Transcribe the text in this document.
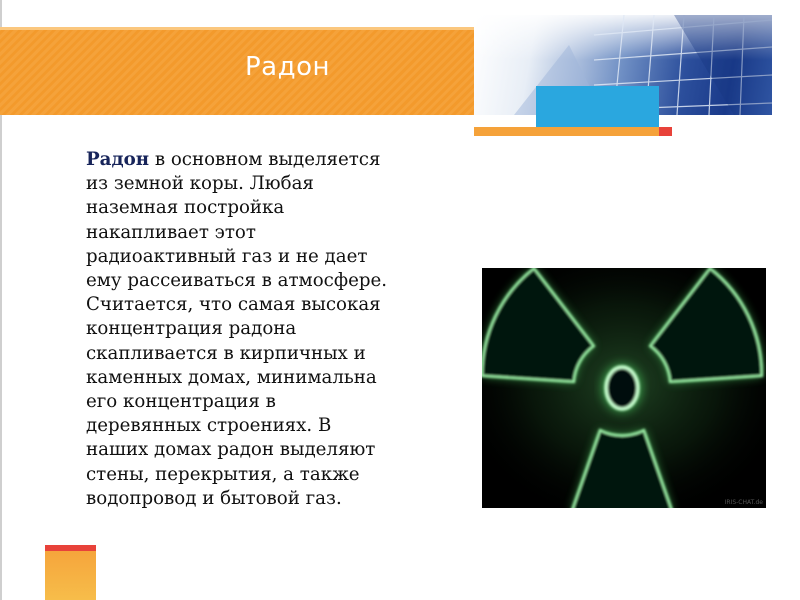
Радон

Радон в основном выделяется
из земной коры. Любая
наземная постройка
накапливает этот
радиоактивный газ и не дает
ему рассеиваться в атмосфере.
Считается, что самая высокая
концентрация радона
скапливается в кирпичных и
каменных домах, минимальна
его концентрация в
деревянных строениях. В
наших домах радон выделяют
стены, перекрытия, а также
водопровод и бытовой газ.	IRIS-CHAT.de
